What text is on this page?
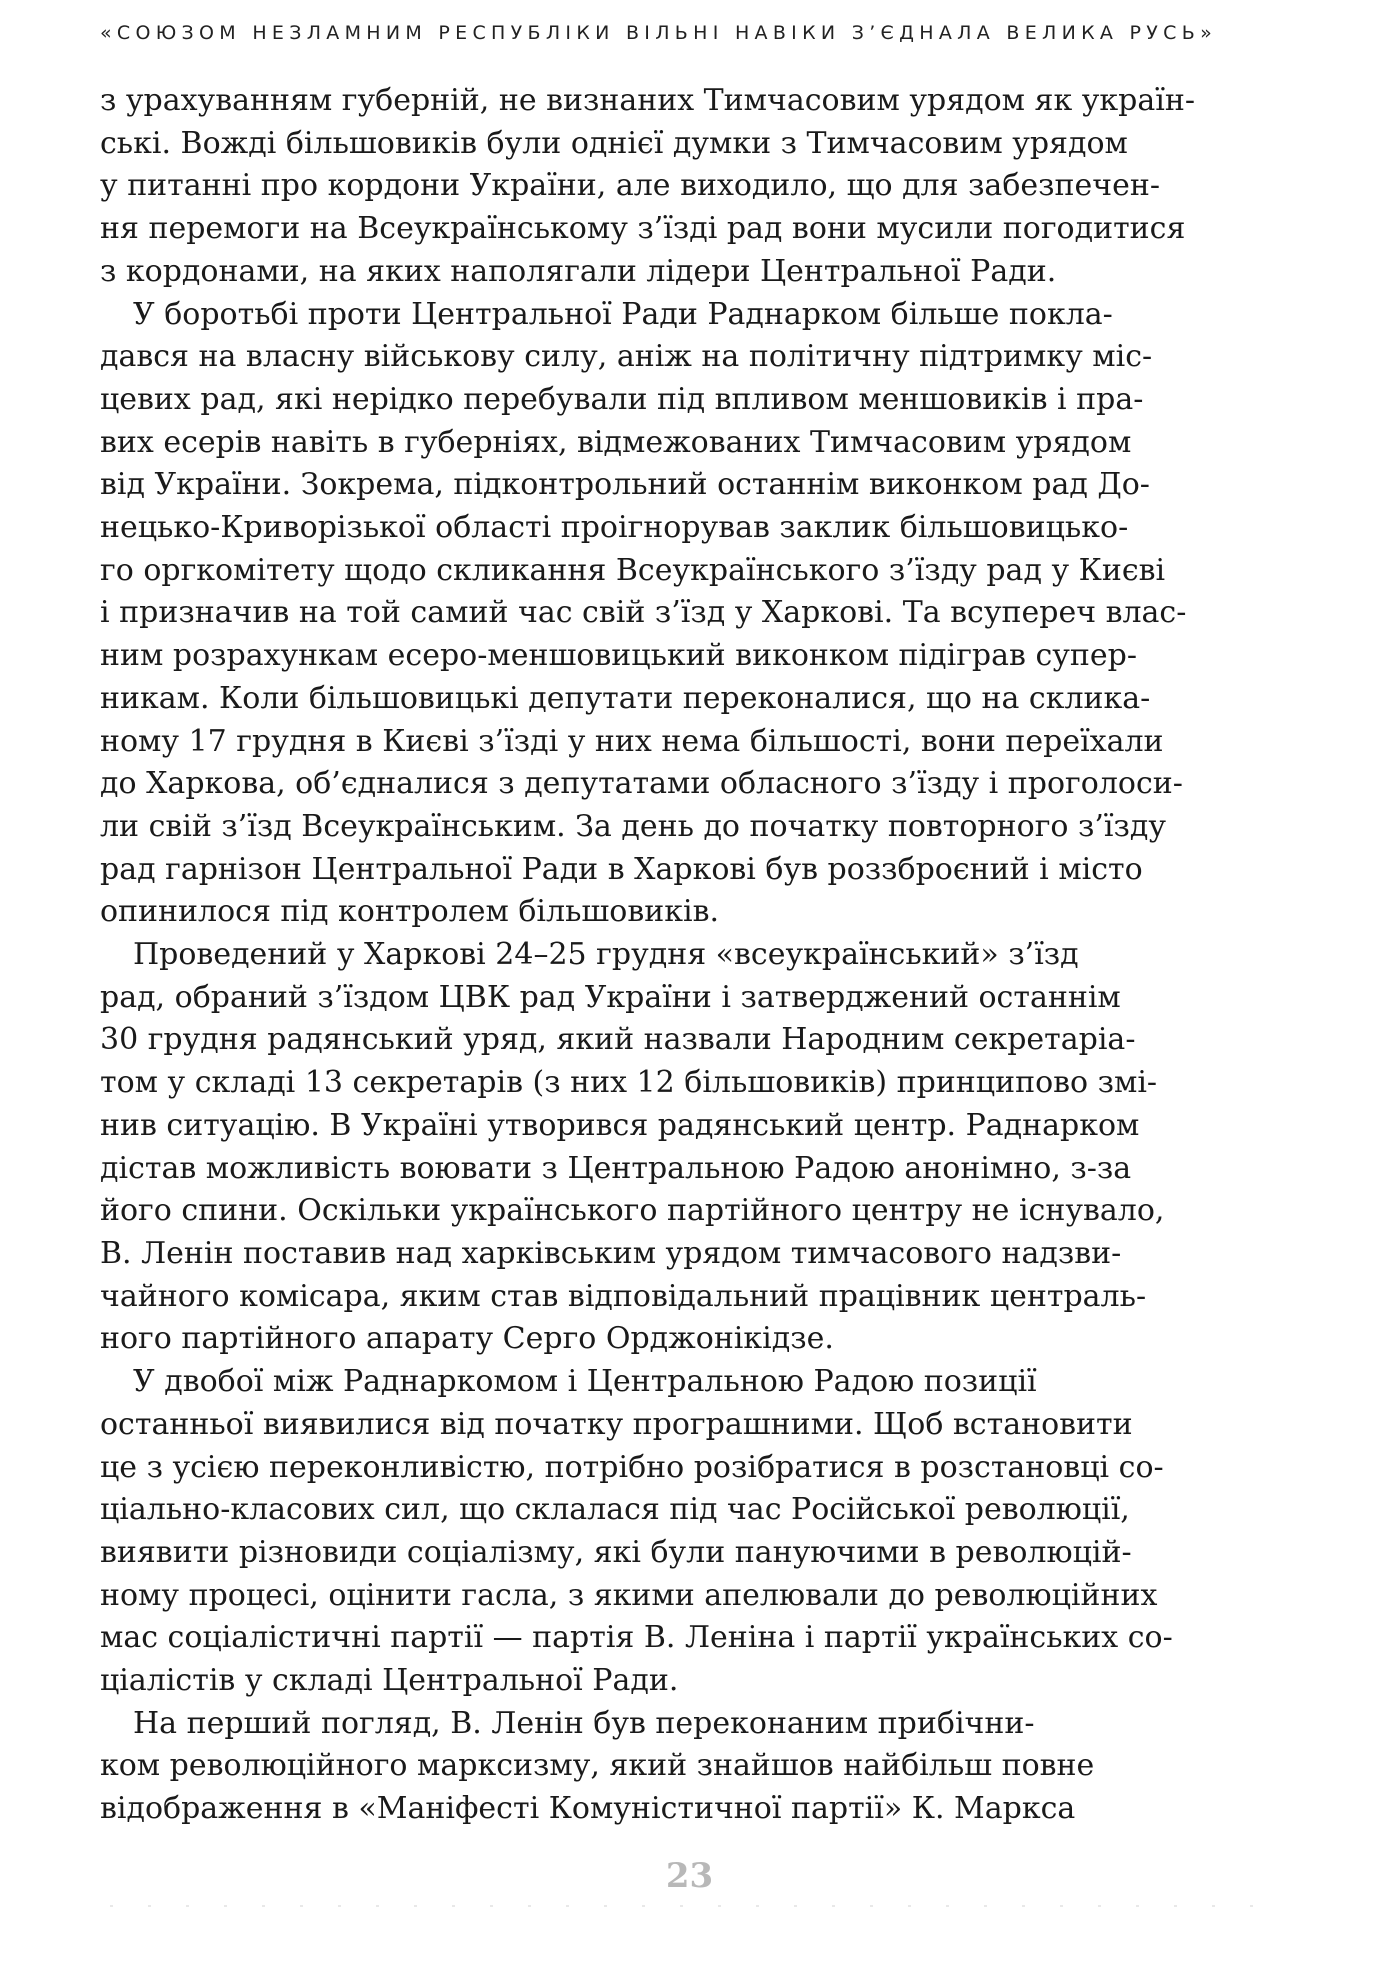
«СОЮЗОМ НЕЗЛАМНИМ РЕСПУБЛІКИ ВІЛЬНІ НАВІКИ З’ЄДНАЛА ВЕЛИКА РУСЬ»
з урахуванням губерній, не визнаних Тимчасовим урядом як україн-
ські. Вожді більшовиків були однієї думки з Тимчасовим урядом
у питанні про кордони України, але виходило, що для забезпечен-
ня перемоги на Всеукраїнському з’їзді рад вони мусили погодитися
з кордонами, на яких наполягали лідери Центральної Ради.
У боротьбі проти Центральної Ради Раднарком більше покла-
дався на власну військову силу, аніж на політичну підтримку міс-
цевих рад, які нерідко перебували під впливом меншовиків і пра-
вих есерів навіть в губерніях, відмежованих Тимчасовим урядом
від України. Зокрема, підконтрольний останнім виконком рад До-
нецько-Криворізької області проігнорував заклик більшовицько-
го оргкомітету щодо скликання Всеукраїнського з’їзду рад у Києві
і призначив на той самий час свій з’їзд у Харкові. Та всупереч влас-
ним розрахункам есеро-меншовицький виконком підіграв супер-
никам. Коли більшовицькі депутати переконалися, що на скликa-
ному 17 грудня в Києві з’їзді у них нема більшості, вони переїхали
до Харкова, об’єдналися з депутатами обласного з’їзду і проголоси-
ли свій з’їзд Всеукраїнським. За день до початку повторного з’їзду
рад гарнізон Центральної Ради в Харкові був роззброєний і місто
опинилося під контролем більшовиків.
Проведений у Харкові 24–25 грудня «всеукраїнський» з’їзд
рад, обраний з’їздом ЦВК рад України і затверджений останнім
30 грудня радянський уряд, який назвали Народним секретаріа-
том у складі 13 секретарів (з них 12 більшовиків) принципово змі-
нив ситуацію. В Україні утворився радянський центр. Раднарком
дістав можливість воювати з Центральною Радою анонімно, з-за
його спини. Оскільки українського партійного центру не існувало,
В. Ленін поставив над харківським урядом тимчасового надзви-
чайного комісара, яким став відповідальний працівник централь-
ного партійного апарату Серго Орджонікідзе.
У двобої між Раднаркомом і Центральною Радою позиції
останньої виявилися від початку програшними. Щоб встановити
це з усією переконливістю, потрібно розібратися в розстановці со-
ціально-класових сил, що склалася під час Російської революції,
виявити різновиди соціалізму, які були пануючими в революцій-
ному процесі, оцінити гасла, з якими апелювали до революційних
мас соціалістичні партії — партія В. Леніна і партії українських со-
ціалістів у складі Центральної Ради.
На перший погляд, В. Ленін був переконаним прибічни-
ком революційного марксизму, який знайшов найбільш повне
відображення в «Маніфесті Комуністичної партії» К. Маркса
23
